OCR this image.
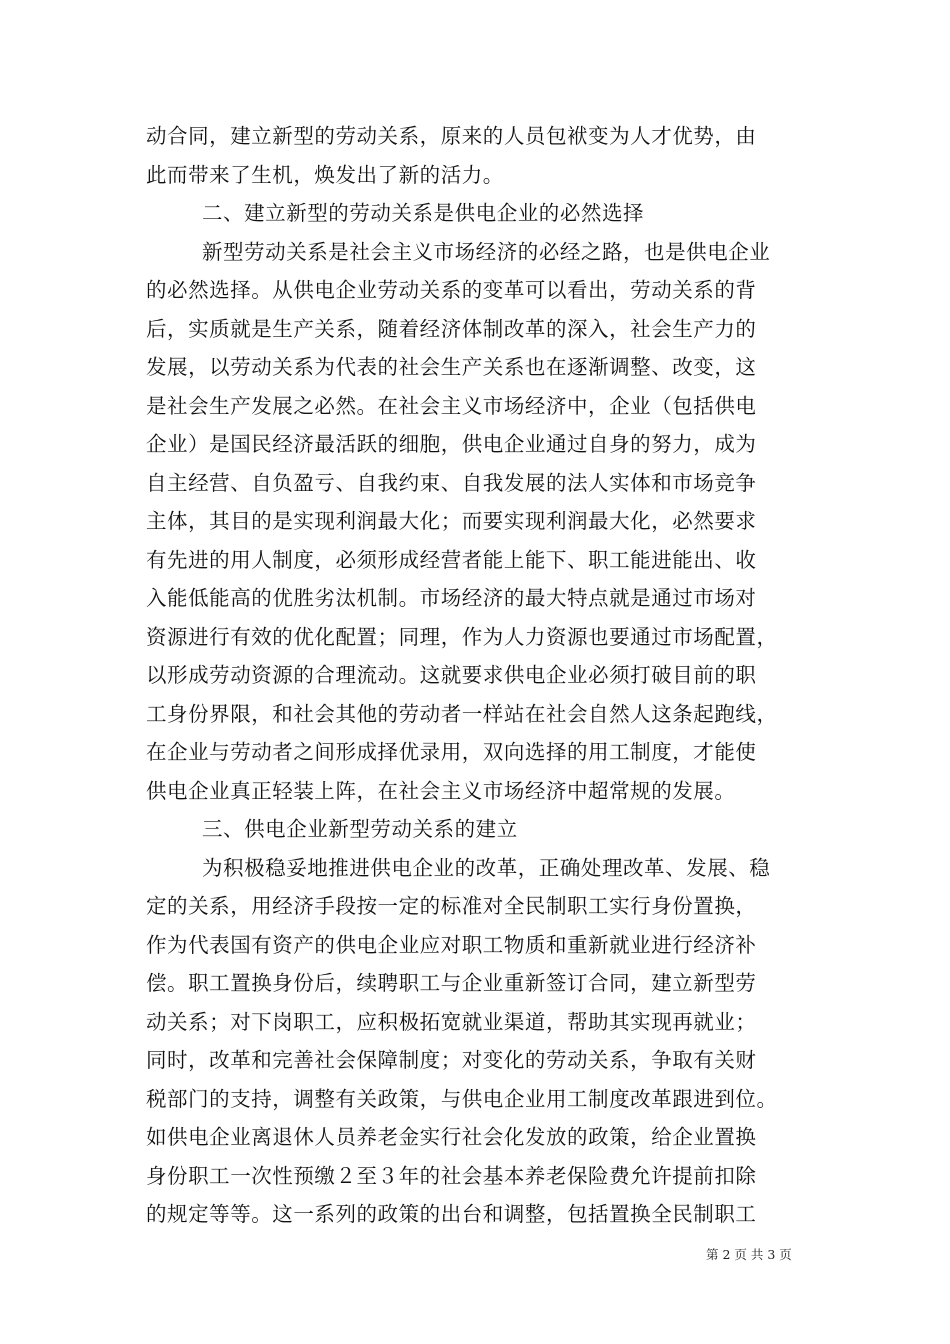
动合同，建立新型的劳动关系，原来的人员包袱变为人才优势，由
此而带来了生机，焕发出了新的活力。
二、建立新型的劳动关系是供电企业的必然选择
新型劳动关系是社会主义市场经济的必经之路，也是供电企业
的必然选择。从供电企业劳动关系的变革可以看出，劳动关系的背
后，实质就是生产关系，随着经济体制改革的深入，社会生产力的
发展，以劳动关系为代表的社会生产关系也在逐渐调整、改变，这
是社会生产发展之必然。在社会主义市场经济中，企业（包括供电
企业）是国民经济最活跃的细胞，供电企业通过自身的努力，成为
自主经营、自负盈亏、自我约束、自我发展的法人实体和市场竞争
主体，其目的是实现利润最大化；而要实现利润最大化，必然要求
有先进的用人制度，必须形成经营者能上能下、职工能进能出、收
入能低能高的优胜劣汰机制。市场经济的最大特点就是通过市场对
资源进行有效的优化配置；同理，作为人力资源也要通过市场配置，
以形成劳动资源的合理流动。这就要求供电企业必须打破目前的职
工身份界限，和社会其他的劳动者一样站在社会自然人这条起跑线，
在企业与劳动者之间形成择优录用，双向选择的用工制度，才能使
供电企业真正轻装上阵，在社会主义市场经济中超常规的发展。
三、供电企业新型劳动关系的建立
为积极稳妥地推进供电企业的改革，正确处理改革、发展、稳
定的关系，用经济手段按一定的标准对全民制职工实行身份置换，
作为代表国有资产的供电企业应对职工物质和重新就业进行经济补
偿。职工置换身份后，续聘职工与企业重新签订合同，建立新型劳
动关系；对下岗职工，应积极拓宽就业渠道，帮助其实现再就业；
同时，改革和完善社会保障制度；对变化的劳动关系，争取有关财
税部门的支持，调整有关政策，与供电企业用工制度改革跟进到位。
如供电企业离退休人员养老金实行社会化发放的政策，给企业置换
身份职工一次性预缴２至３年的社会基本养老保险费允许提前扣除
的规定等等。这一系列的政策的出台和调整，包括置换全民制职工
第 2 页 共 3 页
